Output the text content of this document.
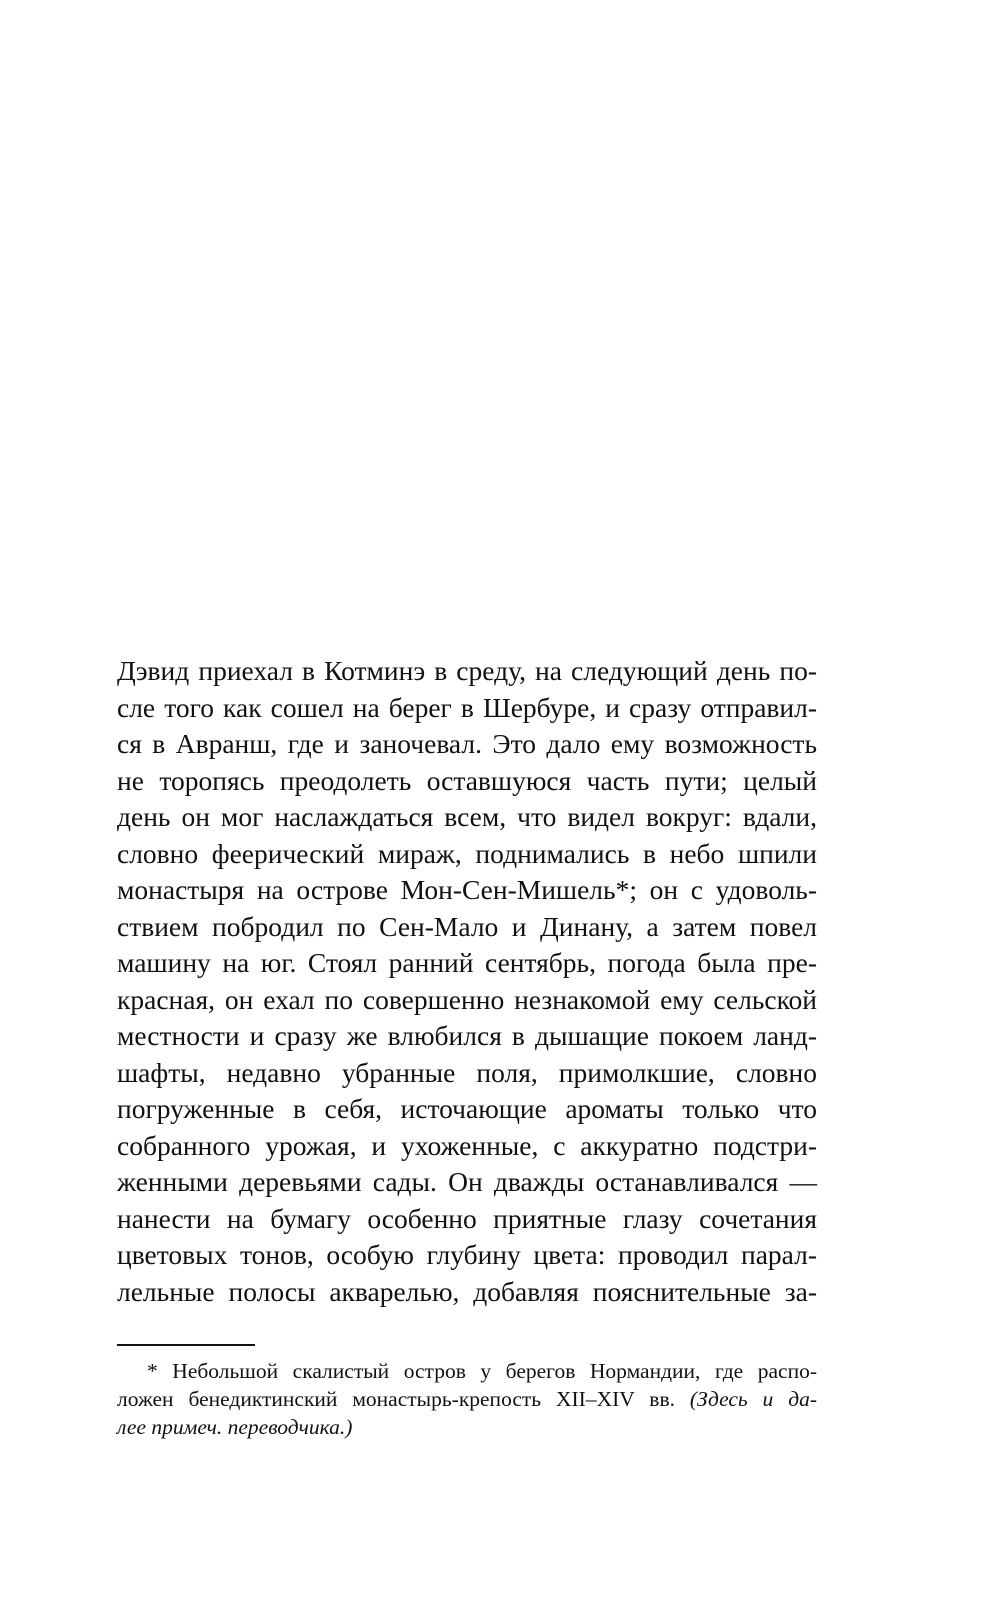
Дэвид приехал в Котминэ в среду, на следующий день по-
сле того как сошел на берег в Шербуре, и сразу отправил-
ся в Авранш, где и заночевал. Это дало ему возможность
не торопясь преодолеть оставшуюся часть пути; целый
день он мог наслаждаться всем, что видел вокруг: вдали,
словно феерический мираж, поднимались в небо шпили
монастыря на острове Мон-Сен-Мишель*; он с удоволь-
ствием побродил по Сен-Мало и Динану, а затем повел
машину на юг. Стоял ранний сентябрь, погода была пре-
красная, он ехал по совершенно незнакомой ему сельской
местности и сразу же влюбился в дышащие покоем ланд-
шафты, недавно убранные поля, примолкшие, словно
погруженные в себя, источающие ароматы только что
собранного урожая, и ухоженные, с аккуратно подстри-
женными деревьями сады. Он дважды останавливался —
нанести на бумагу особенно приятные глазу сочетания
цветовых тонов, особую глубину цвета: проводил парал-
лельные полосы акварелью, добавляя пояснительные за-
* Небольшой скалистый остров у берегов Нормандии, где распо-
ложен бенедиктинский монастырь-крепость XII–XIV вв. (Здесь и да-
лее примеч. переводчика.)
